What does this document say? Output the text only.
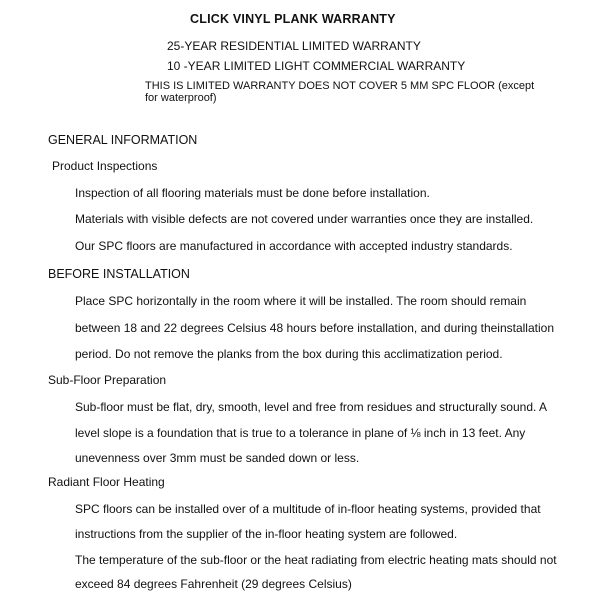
CLICK VINYL PLANK WARRANTY
25-YEAR RESIDENTIAL LIMITED WARRANTY
10 -YEAR LIMITED LIGHT COMMERCIAL WARRANTY
THIS IS LIMITED WARRANTY DOES NOT COVER 5 MM SPC FLOOR (except for waterproof)
GENERAL INFORMATION
Product Inspections
Inspection of all flooring materials must be done before installation.
Materials with visible defects are not covered under warranties once they are installed.
Our SPC floors are manufactured in accordance with accepted industry standards.
BEFORE INSTALLATION
Place SPC horizontally in the room where it will be installed. The room should remain
between 18 and 22 degrees Celsius 48 hours before installation, and during theinstallation
period. Do not remove the planks from the box during this acclimatization period.
Sub-Floor Preparation
Sub-floor must be flat, dry, smooth, level and free from residues and structurally sound. A
level slope is a foundation that is true to a tolerance in plane of ⅛ inch in 13 feet. Any
unevenness over 3mm must be sanded down or less.
Radiant Floor Heating
SPC floors can be installed over of a multitude of in-floor heating systems, provided that
instructions from the supplier of the in-floor heating system are followed.
The temperature of the sub-floor or the heat radiating from electric heating mats should not
exceed 84 degrees Fahrenheit (29 degrees Celsius)
